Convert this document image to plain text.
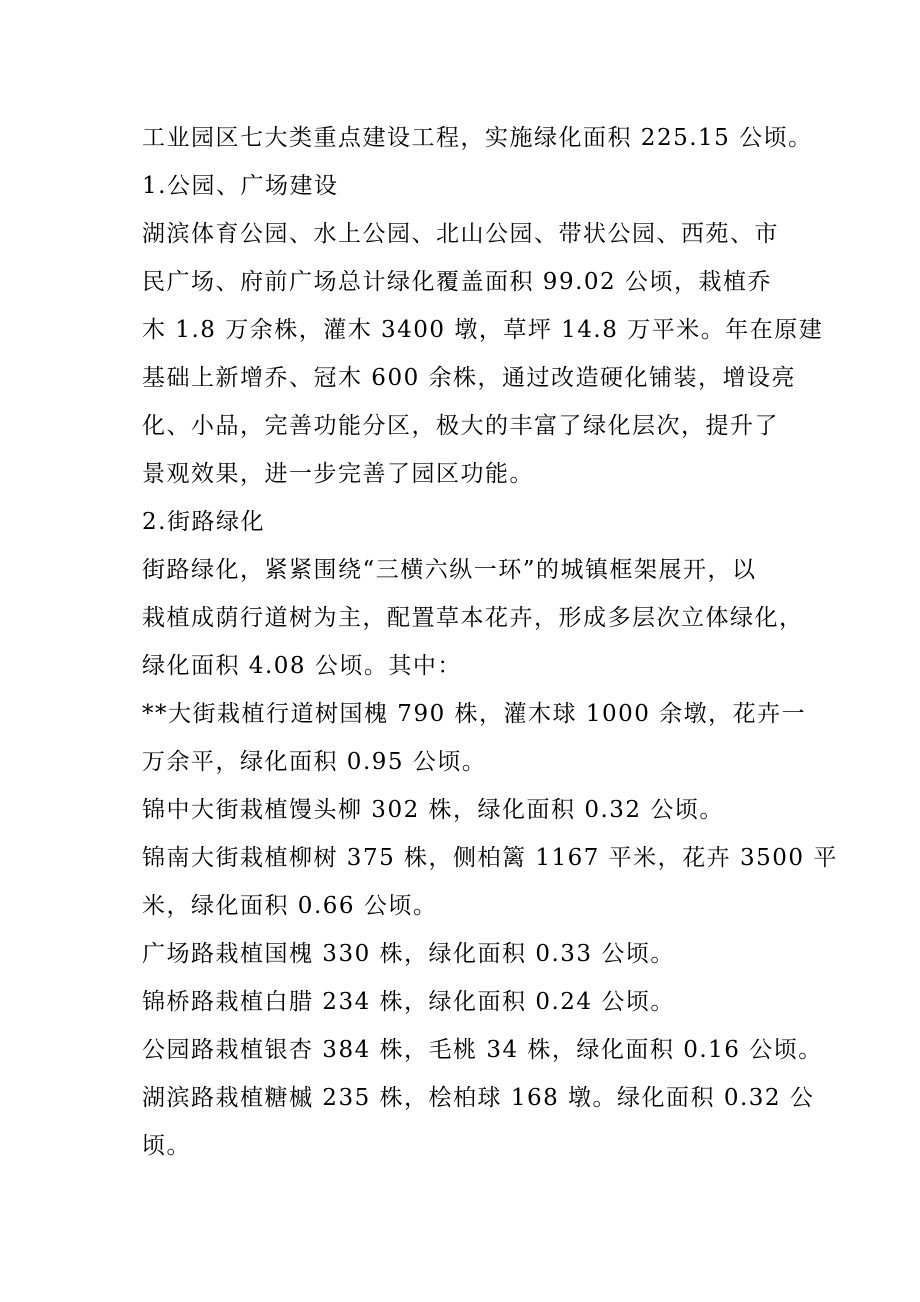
工业园区七大类重点建设工程，实施绿化面积 225.15 公顷。
1.公园、广场建设
湖滨体育公园、水上公园、北山公园、带状公园、西苑、市
民广场、府前广场总计绿化覆盖面积 99.02 公顷，栽植乔
木 1.8 万余株，灌木 3400 墩，草坪 14.8 万平米。年在原建
基础上新增乔、冠木 600 余株，通过改造硬化铺装，增设亮
化、小品，完善功能分区，极大的丰富了绿化层次，提升了
景观效果，进一步完善了园区功能。
2.街路绿化
街路绿化，紧紧围绕“三横六纵一环”的城镇框架展开，以
栽植成荫行道树为主，配置草本花卉，形成多层次立体绿化，
绿化面积 4.08 公顷。其中：
**大街栽植行道树国槐 790 株，灌木球 1000 余墩，花卉一
万余平，绿化面积 0.95 公顷。
锦中大街栽植馒头柳 302 株，绿化面积 0.32 公顷。
锦南大街栽植柳树 375 株，侧柏篱 1167 平米，花卉 3500 平
米，绿化面积 0.66 公顷。
广场路栽植国槐 330 株，绿化面积 0.33 公顷。
锦桥路栽植白腊 234 株，绿化面积 0.24 公顷。
公园路栽植银杏 384 株，毛桃 34 株，绿化面积 0.16 公顷。
湖滨路栽植糖槭 235 株，桧柏球 168 墩。绿化面积 0.32 公
顷。
